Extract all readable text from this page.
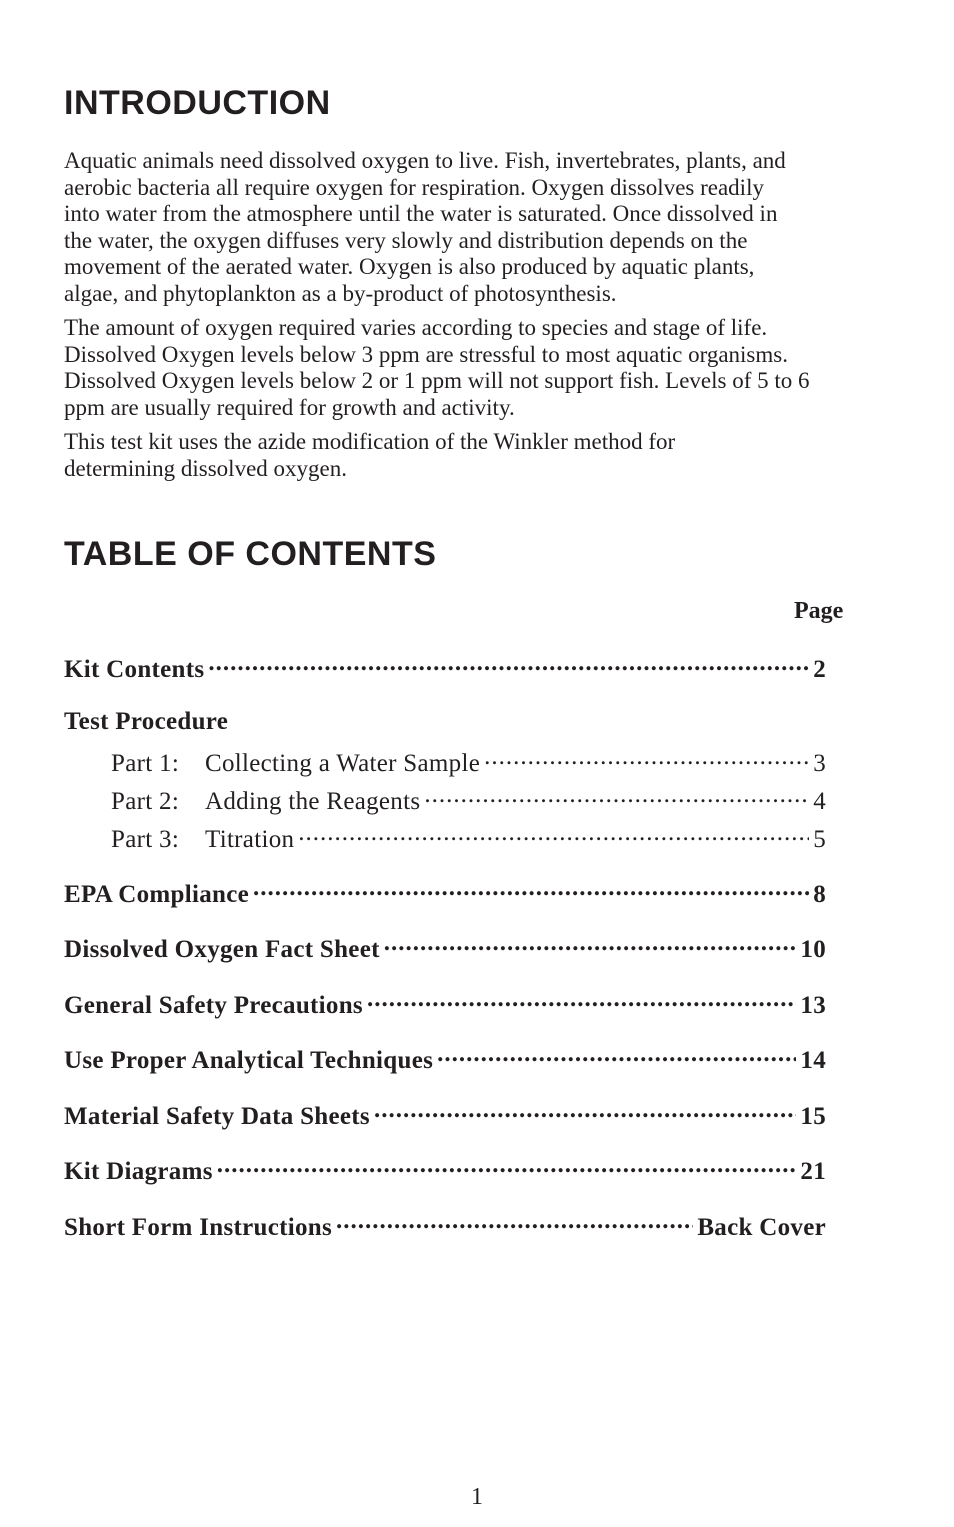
INTRODUCTION

Aquatic animals need dissolved oxygen to live. Fish, invertebrates, plants, and
aerobic bacteria all require oxygen for respiration. Oxygen dissolves readily
into water from the atmosphere until the water is saturated. Once dissolved in
the water, the oxygen diffuses very slowly and distribution depends on the
movement of the aerated water. Oxygen is also produced by aquatic plants,
algae, and phytoplankton as a by-product of photosynthesis.

The amount of oxygen required varies according to species and stage of life.
Dissolved Oxygen levels below 3 ppm are stressful to most aquatic organisms.
Dissolved Oxygen levels below 2 or 1 ppm will not support fish. Levels of 5 to 6
ppm are usually required for growth and activity.

This test kit uses the azide modification of the Winkler method for
determining dissolved oxygen.

TABLE OF CONTENTS
Page
Kit Contents .....	2
Test Procedure
Part 1:	Collecting a Water Sample .....	3
Part 2:	Adding the Reagents .....	4
Part 3:	Titration .....	5
EPA Compliance .....	8
Dissolved Oxygen Fact Sheet .....	10
General Safety Precautions .....	13
Use Proper Analytical Techniques .....	14
Material Safety Data Sheets .....	15
Kit Diagrams .....	21
Short Form Instructions .....	Back Cover
1
